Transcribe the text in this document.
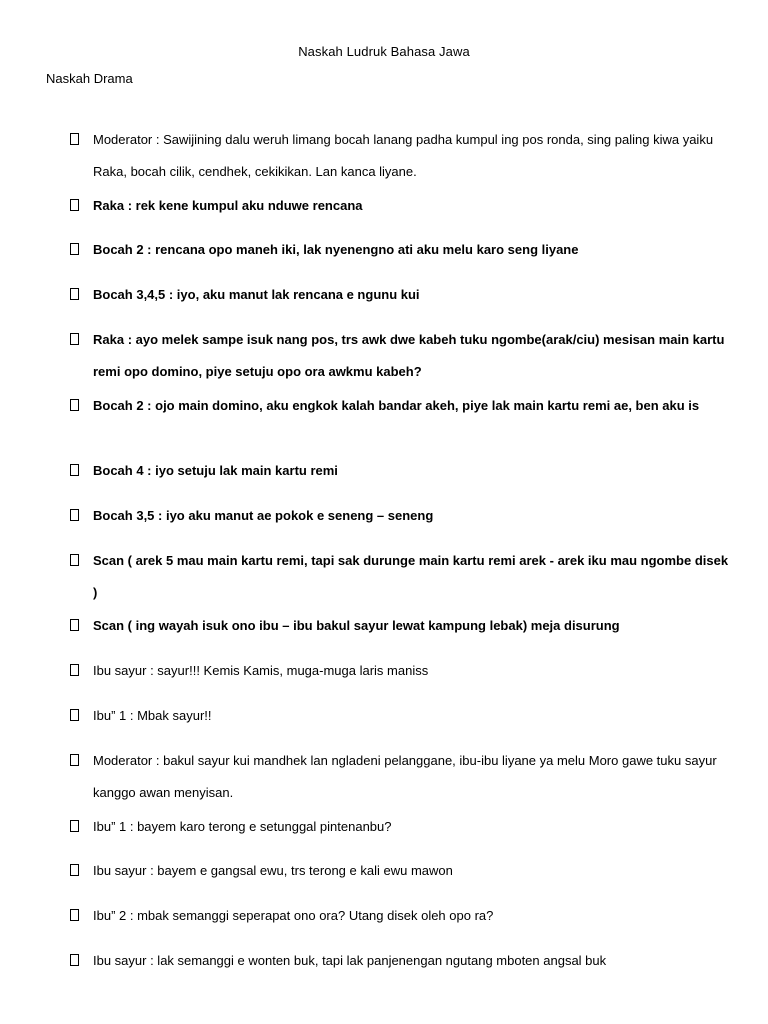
Naskah Ludruk Bahasa Jawa
Naskah Drama
Moderator : Sawijining dalu weruh limang bocah lanang padha kumpul ing pos ronda, sing paling kiwa yaiku Raka, bocah cilik, cendhek, cekikikan. Lan kanca liyane.
Raka : rek kene kumpul aku nduwe rencana
Bocah 2 : rencana opo maneh iki, lak nyenengno ati aku melu karo seng liyane
Bocah 3,4,5 : iyo, aku manut lak rencana e ngunu kui
Raka : ayo melek sampe isuk nang pos, trs awk dwe kabeh tuku ngombe(arak/ciu) mesisan main kartu remi opo domino, piye setuju opo ora awkmu kabeh?
Bocah 2 : ojo main domino, aku engkok kalah bandar akeh, piye lak main kartu remi ae, ben aku is
Bocah 4 : iyo setuju lak main kartu remi
Bocah 3,5 : iyo aku manut ae pokok e seneng – seneng
Scan ( arek 5 mau main kartu remi, tapi sak durunge main kartu remi arek - arek iku mau ngombe disek )
Scan ( ing wayah isuk ono ibu – ibu bakul sayur lewat kampung lebak) meja disurung
Ibu sayur : sayur!!! Kemis Kamis, muga-muga laris maniss
Ibu” 1 : Mbak sayur!!
Moderator : bakul sayur kui mandhek lan ngladeni pelanggane, ibu-ibu liyane ya melu Moro gawe tuku sayur kanggo awan menyisan.
Ibu” 1 : bayem karo terong e setunggal pintenanbu?
Ibu sayur : bayem e gangsal ewu, trs terong e kali ewu mawon
Ibu” 2 : mbak semanggi seperapat ono ora? Utang disek oleh opo ra?
Ibu sayur : lak semanggi e wonten buk, tapi lak panjenengan ngutang mboten angsal buk
